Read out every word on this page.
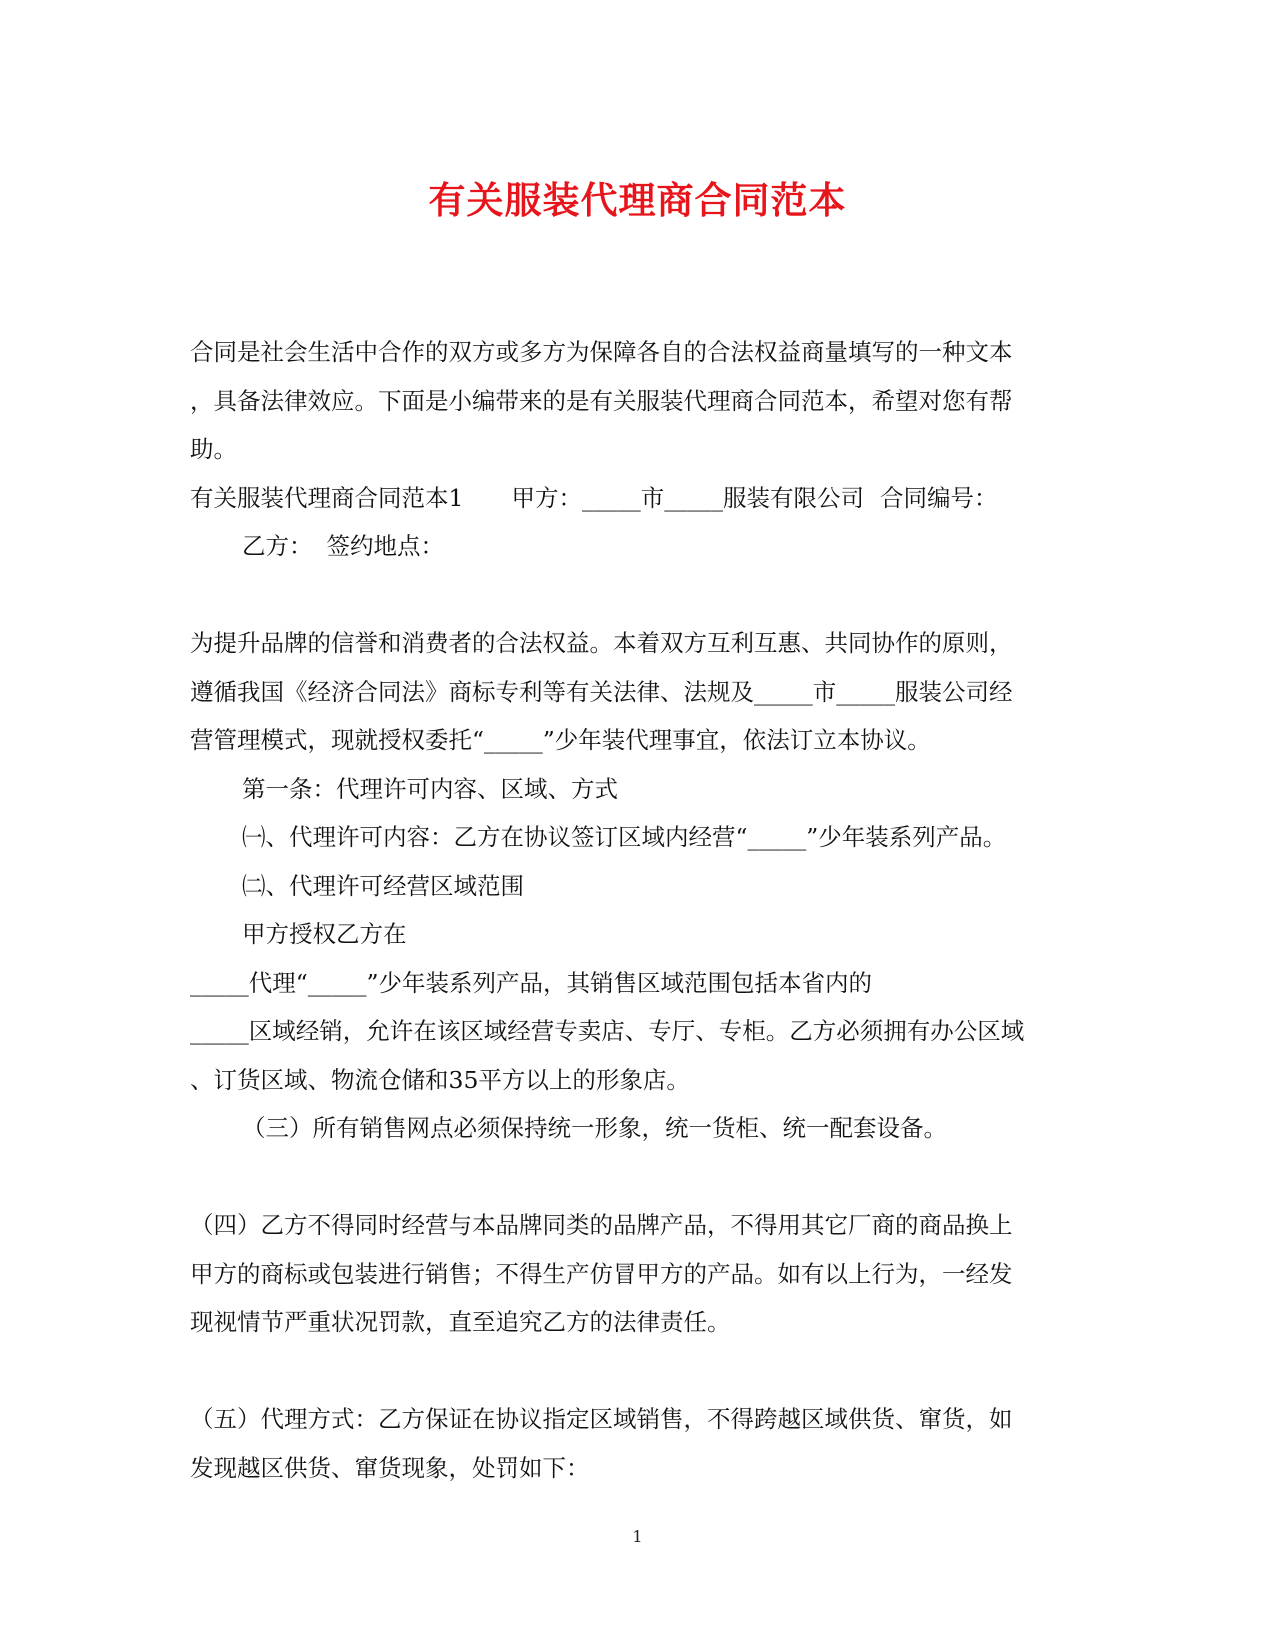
有关服装代理商合同范本
合同是社会生活中合作的双方或多方为保障各自的合法权益商量填写的一种文本
，具备法律效应。下面是小编带来的是有关服装代理商合同范本，希望对您有帮
助。
有关服装代理商合同范本1 甲方：_____市_____服装有限公司 合同编号：
乙方： 签约地点：
为提升品牌的信誉和消费者的合法权益。本着双方互利互惠、共同协作的原则，
遵循我国《经济合同法》商标专利等有关法律、法规及_____市_____服装公司经
营管理模式，现就授权委托“_____”少年装代理事宜，依法订立本协议。
第一条：代理许可内容、区域、方式
㈠、代理许可内容：乙方在协议签订区域内经营“_____”少年装系列产品。
㈡、代理许可经营区域范围
甲方授权乙方在
_____代理“_____”少年装系列产品，其销售区域范围包括本省内的
_____区域经销，允许在该区域经营专卖店、专厅、专柜。乙方必须拥有办公区域
、订货区域、物流仓储和35平方以上的形象店。
（三）所有销售网点必须保持统一形象，统一货柜、统一配套设备。
（四）乙方不得同时经营与本品牌同类的品牌产品，不得用其它厂商的商品换上
甲方的商标或包装进行销售；不得生产仿冒甲方的产品。如有以上行为，一经发
现视情节严重状况罚款，直至追究乙方的法律责任。
（五）代理方式：乙方保证在协议指定区域销售，不得跨越区域供货、窜货，如
发现越区供货、窜货现象，处罚如下：
1
